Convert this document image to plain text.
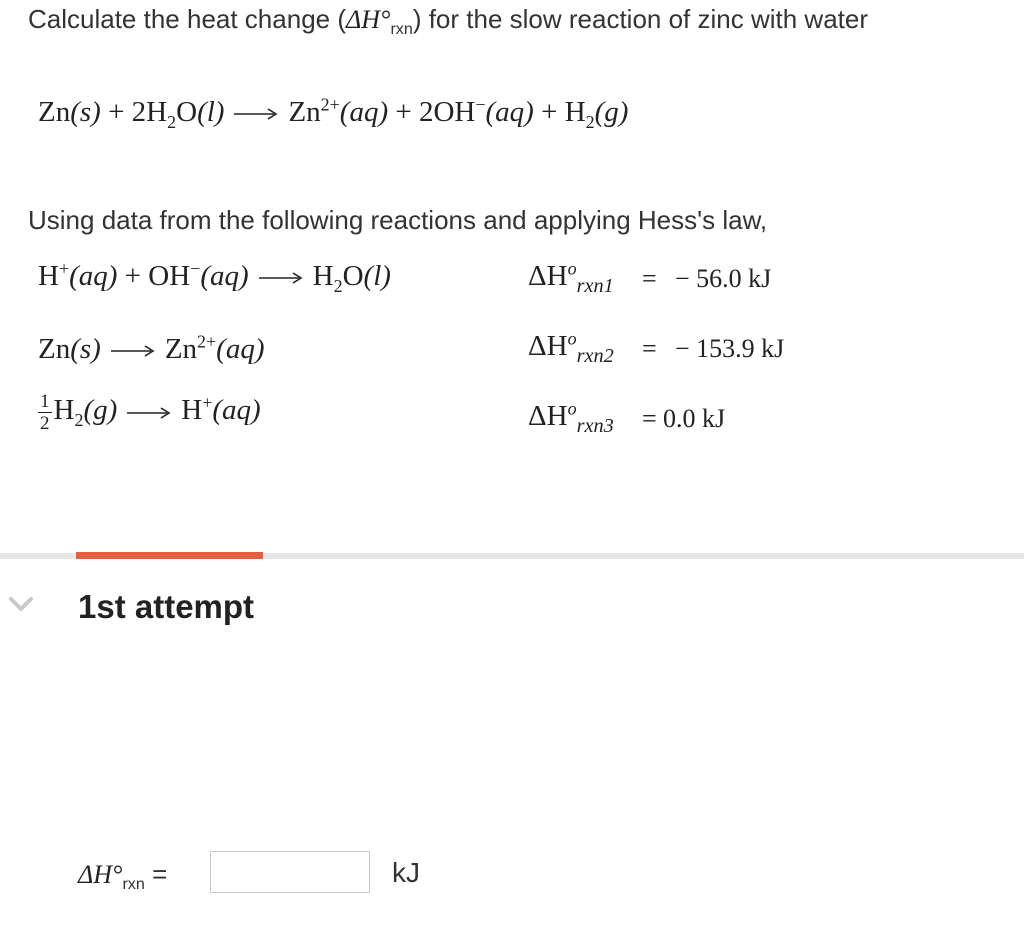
Calculate the heat change $(\Delta H^\circ_{rxn})$ for the slow reaction of zinc with water
$Zn(s) + 2H_2O(l) \to Zn^{2+}(aq) + 2OH^-(aq) + H_2(g)$
Using data from the following reactions and applying Hess's law,
$H^+(aq) + OH^-(aq) \to H_2O(l)$	$\Delta H^o_{rxn1}$ = − 56.0 kJ
$Zn(s) \to Zn^{2+}(aq)$	$\Delta H^o_{rxn2}$ = − 153.9 kJ
$\frac{1}{2} H_2(g) \to H^+(aq)$	$\Delta H^o_{rxn3} = 0.0$ kJ
1st attempt
$\Delta H^\circ_{rxn}$ =	kJ
